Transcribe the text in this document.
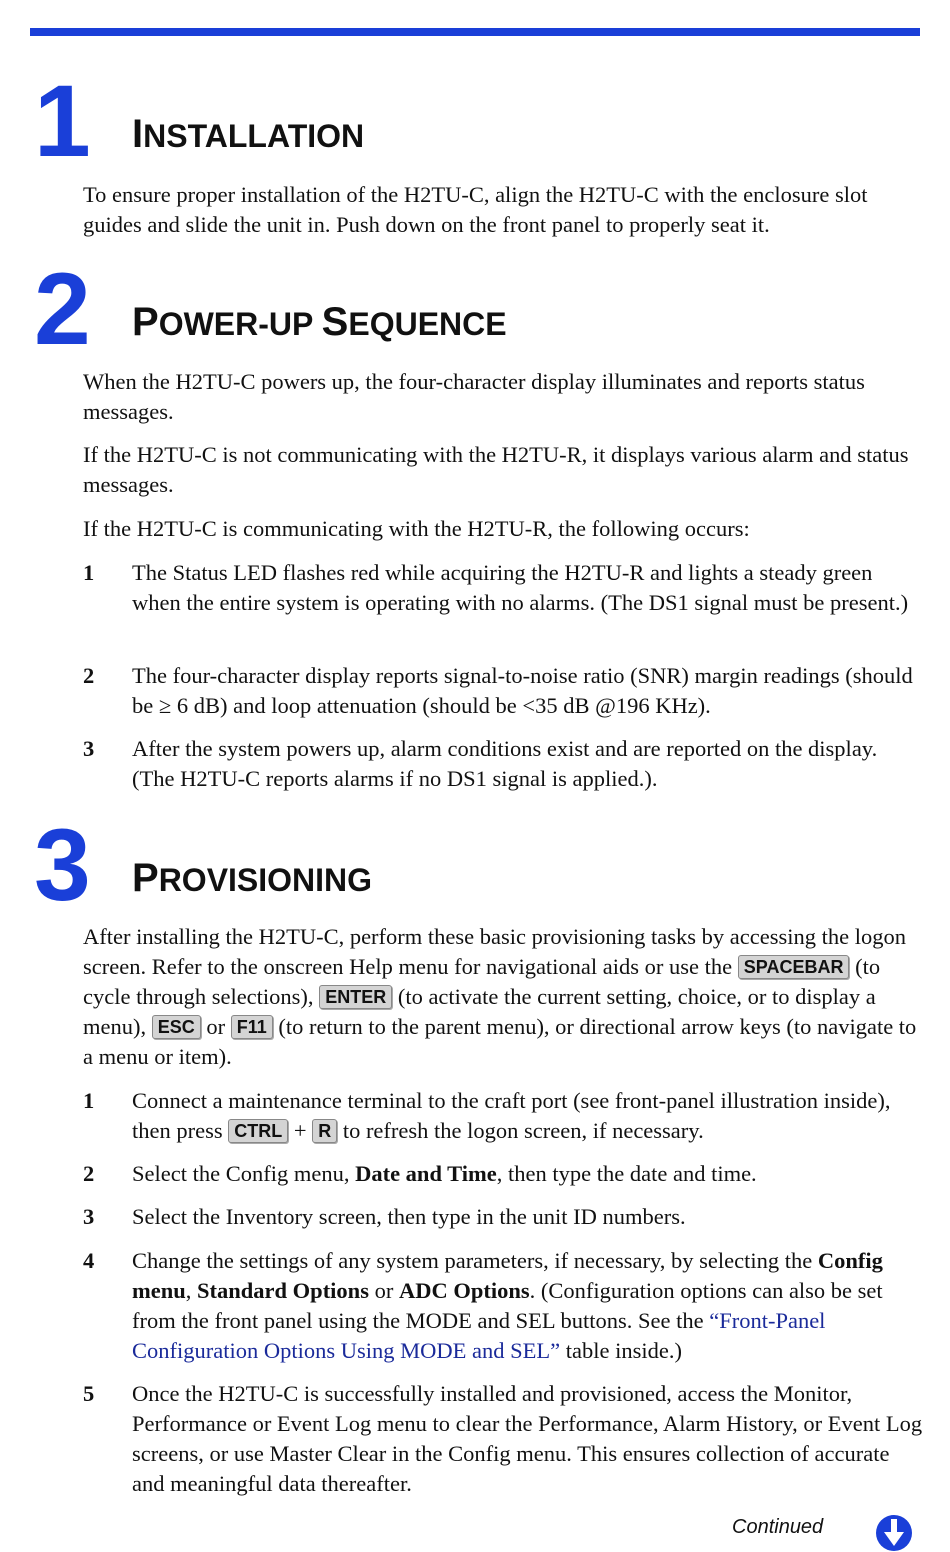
1 INSTALLATION

To ensure proper installation of the H2TU-C, align the H2TU-C with the enclosure slot guides and slide the unit in. Push down on the front panel to properly seat it.

2 POWER-UP SEQUENCE

When the H2TU-C powers up, the four-character display illuminates and reports status messages.

If the H2TU-C is not communicating with the H2TU-R, it displays various alarm and status messages.

If the H2TU-C is communicating with the H2TU-R, the following occurs:

1 The Status LED flashes red while acquiring the H2TU-R and lights a steady green when the entire system is operating with no alarms. (The DS1 signal must be present.)
2 The four-character display reports signal-to-noise ratio (SNR) margin readings (should be ≥ 6 dB) and loop attenuation (should be <35 dB @196 KHz).
3 After the system powers up, alarm conditions exist and are reported on the display. (The H2TU-C reports alarms if no DS1 signal is applied.).
3 PROVISIONING

After installing the H2TU-C, perform these basic provisioning tasks by accessing the logon screen. Refer to the onscreen Help menu for navigational aids or use the SPACEBAR (to cycle through selections), ENTER (to activate the current setting, choice, or to display a menu), ESC or F11 (to return to the parent menu), or directional arrow keys (to navigate to a menu or item).

1 Connect a maintenance terminal to the craft port (see front-panel illustration inside), then press CTRL + R to refresh the logon screen, if necessary.
2 Select the Config menu, Date and Time, then type the date and time.
3 Select the Inventory screen, then type in the unit ID numbers.
4 Change the settings of any system parameters, if necessary, by selecting the Config menu, Standard Options or ADC Options. (Configuration options can also be set from the front panel using the MODE and SEL buttons. See the “Front-Panel Configuration Options Using MODE and SEL” table inside.)
5 Once the H2TU-C is successfully installed and provisioned, access the Monitor, Performance or Event Log menu to clear the Performance, Alarm History, or Event Log screens, or use Master Clear in the Config menu. This ensures collection of accurate and meaningful data thereafter.
Continued
